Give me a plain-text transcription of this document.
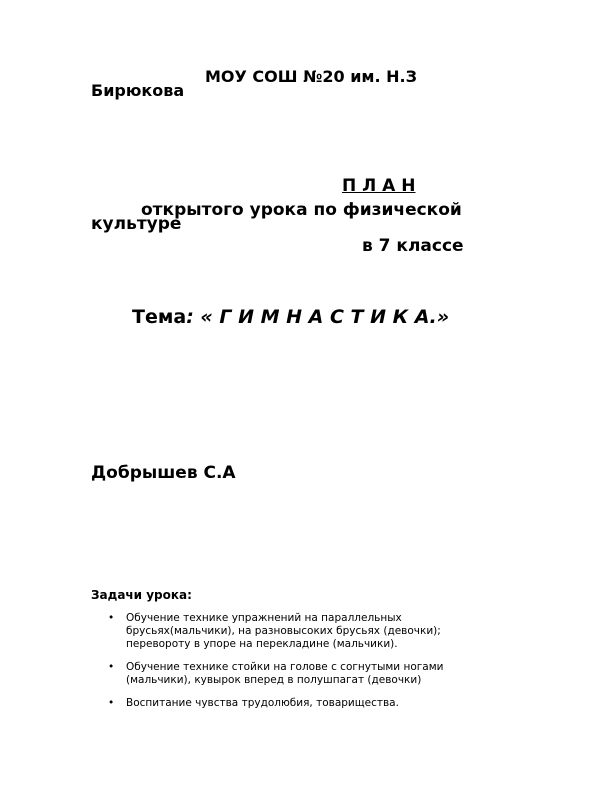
МОУ СОШ №20 им. Н.З
Бирюкова
П Л А Н
открытого урока по физической
культуре
в 7 классе
Тема: « Г И М Н А С Т И К А.»
Добрышев С.А
Задачи урока:
• Обучение технике упражнений на параллельных брусьях(мальчики), на разновысоких брусьях (девочки); перевороту в упоре на перекладине (мальчики).
• Обучение технике стойки на голове с согнутыми ногами (мальчики), кувырок вперед в полушпагат (девочки)
• Воспитание чувства трудолюбия, товарищества.
